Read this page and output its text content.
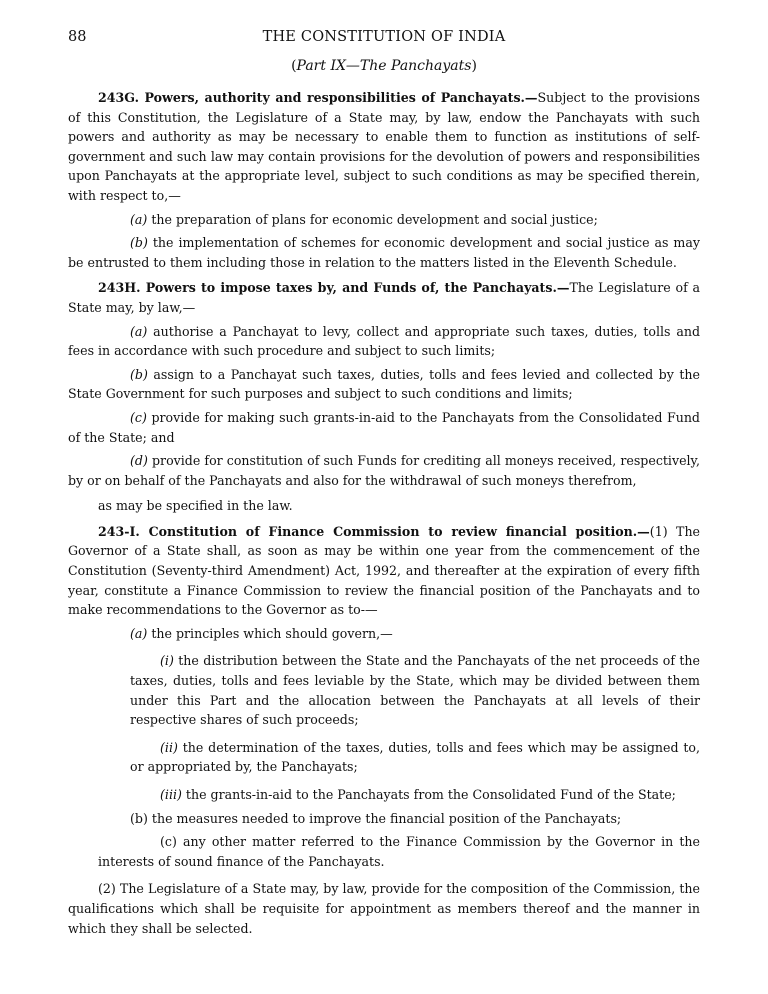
88	THE CONSTITUTION OF INDIA
(Part IX—The Panchayats)

243G. Powers, authority and responsibilities of Panchayats.—Subject to the provisions of this Constitution, the Legislature of a State may, by law, endow the Panchayats with such powers and authority as may be necessary to enable them to function as institutions of self-government and such law may contain provisions for the devolution of powers and responsibilities upon Panchayats at the appropriate level, subject to such conditions as may be specified therein, with respect to,—

(a) the preparation of plans for economic development and social justice;

(b) the implementation of schemes for economic development and social justice as may be entrusted to them including those in relation to the matters listed in the Eleventh Schedule.

243H. Powers to impose taxes by, and Funds of, the Panchayats.—The Legislature of a State may, by law,—

(a) authorise a Panchayat to levy, collect and appropriate such taxes, duties, tolls and fees in accordance with such procedure and subject to such limits;

(b) assign to a Panchayat such taxes, duties, tolls and fees levied and collected by the State Government for such purposes and subject to such conditions and limits;

(c) provide for making such grants-in-aid to the Panchayats from the Consolidated Fund of the State; and

(d) provide for constitution of such Funds for crediting all moneys received, respectively, by or on behalf of the Panchayats and also for the withdrawal of such moneys therefrom,

as may be specified in the law.

243-I. Constitution of Finance Commission to review financial position.—(1) The Governor of a State shall, as soon as may be within one year from the commencement of the Constitution (Seventy-third Amendment) Act, 1992, and thereafter at the expiration of every fifth year, constitute a Finance Commission to review the financial position of the Panchayats and to make recommendations to the Governor as to-—

(a) the principles which should govern,—

(i) the distribution between the State and the Panchayats of the net proceeds of the taxes, duties, tolls and fees leviable by the State, which may be divided between them under this Part and the allocation between the Panchayats at all levels of their respective shares of such proceeds;

(ii) the determination of the taxes, duties, tolls and fees which may be assigned to, or appropriated by, the Panchayats;

(iii) the grants-in-aid to the Panchayats from the Consolidated Fund of the State;

(b) the measures needed to improve the financial position of the Panchayats;

(c) any other matter referred to the Finance Commission by the Governor in the interests of sound finance of the Panchayats.

(2) The Legislature of a State may, by law, provide for the composition of the Commission, the qualifications which shall be requisite for appointment as members thereof and the manner in which they shall be selected.
